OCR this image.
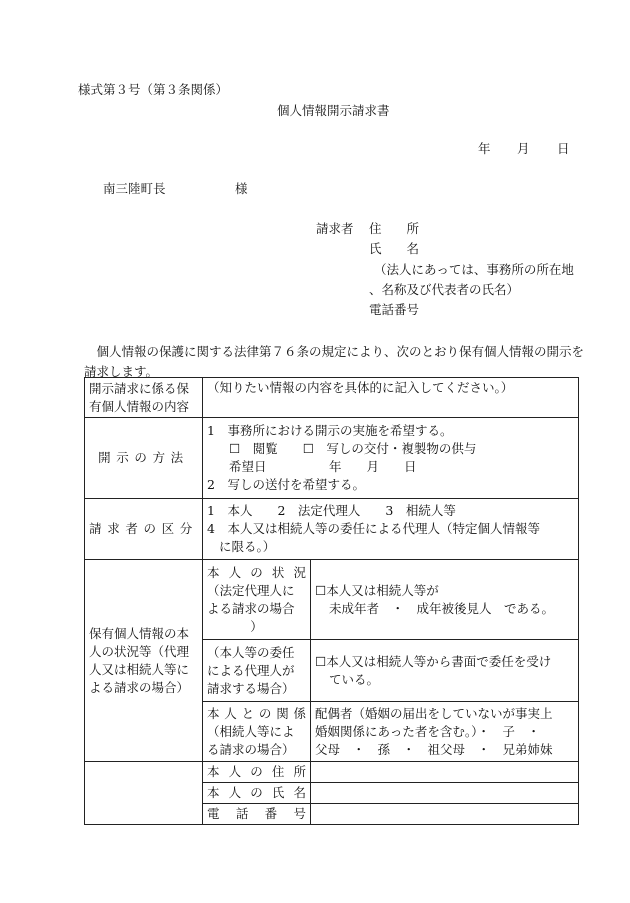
様式第３号（第３条関係）
個人情報開示請求書
年 月 日
南三陸町長	様
請求者 住　　所
氏　　名
（法人にあっては、事務所の所在地
、名称及び代表者の氏名）
電話番号
個人情報の保護に関する法律第７６条の規定により、次のとおり保有個人情報の開示を請求します。
開示請求に係る保
有個人情報の内容	（知りたい情報の内容を具体的に記入してください。）	
開示の方法	1　事務所における開示の実施を希望する。
☐　閲覧　　☐　写しの交付・複製物の供与
希望日　　　　　年　　月　　日
2　写しの送付を希望する。	

請求者の区分	1　本人　　2　法定代理人　　3　相続人等
4　本人又は相続人等の委任による代理人（特定個人情報等
に限る。）	

保有個人情報の本
人の状況等（代理
人又は相続人等に
よる請求の場合）	本人の状況
（法定代理人に
よる請求の場合
）	☐本人又は相続人等が
未成年者　・　成年被後見人　である。

	（本人等の委任
による代理人が
請求する場合）	☐本人又は相続人等から書面で委任を受け
ている。

	本人との関係
（相続人等によ
る請求の場合）	配偶者（婚姻の届出をしていないが事実上
婚姻関係にあった者を含む。）・　子　・
父母　・　孫　・　祖父母　・　兄弟姉妹

	本人の住所	

	本人の氏名	

	電話番号	
